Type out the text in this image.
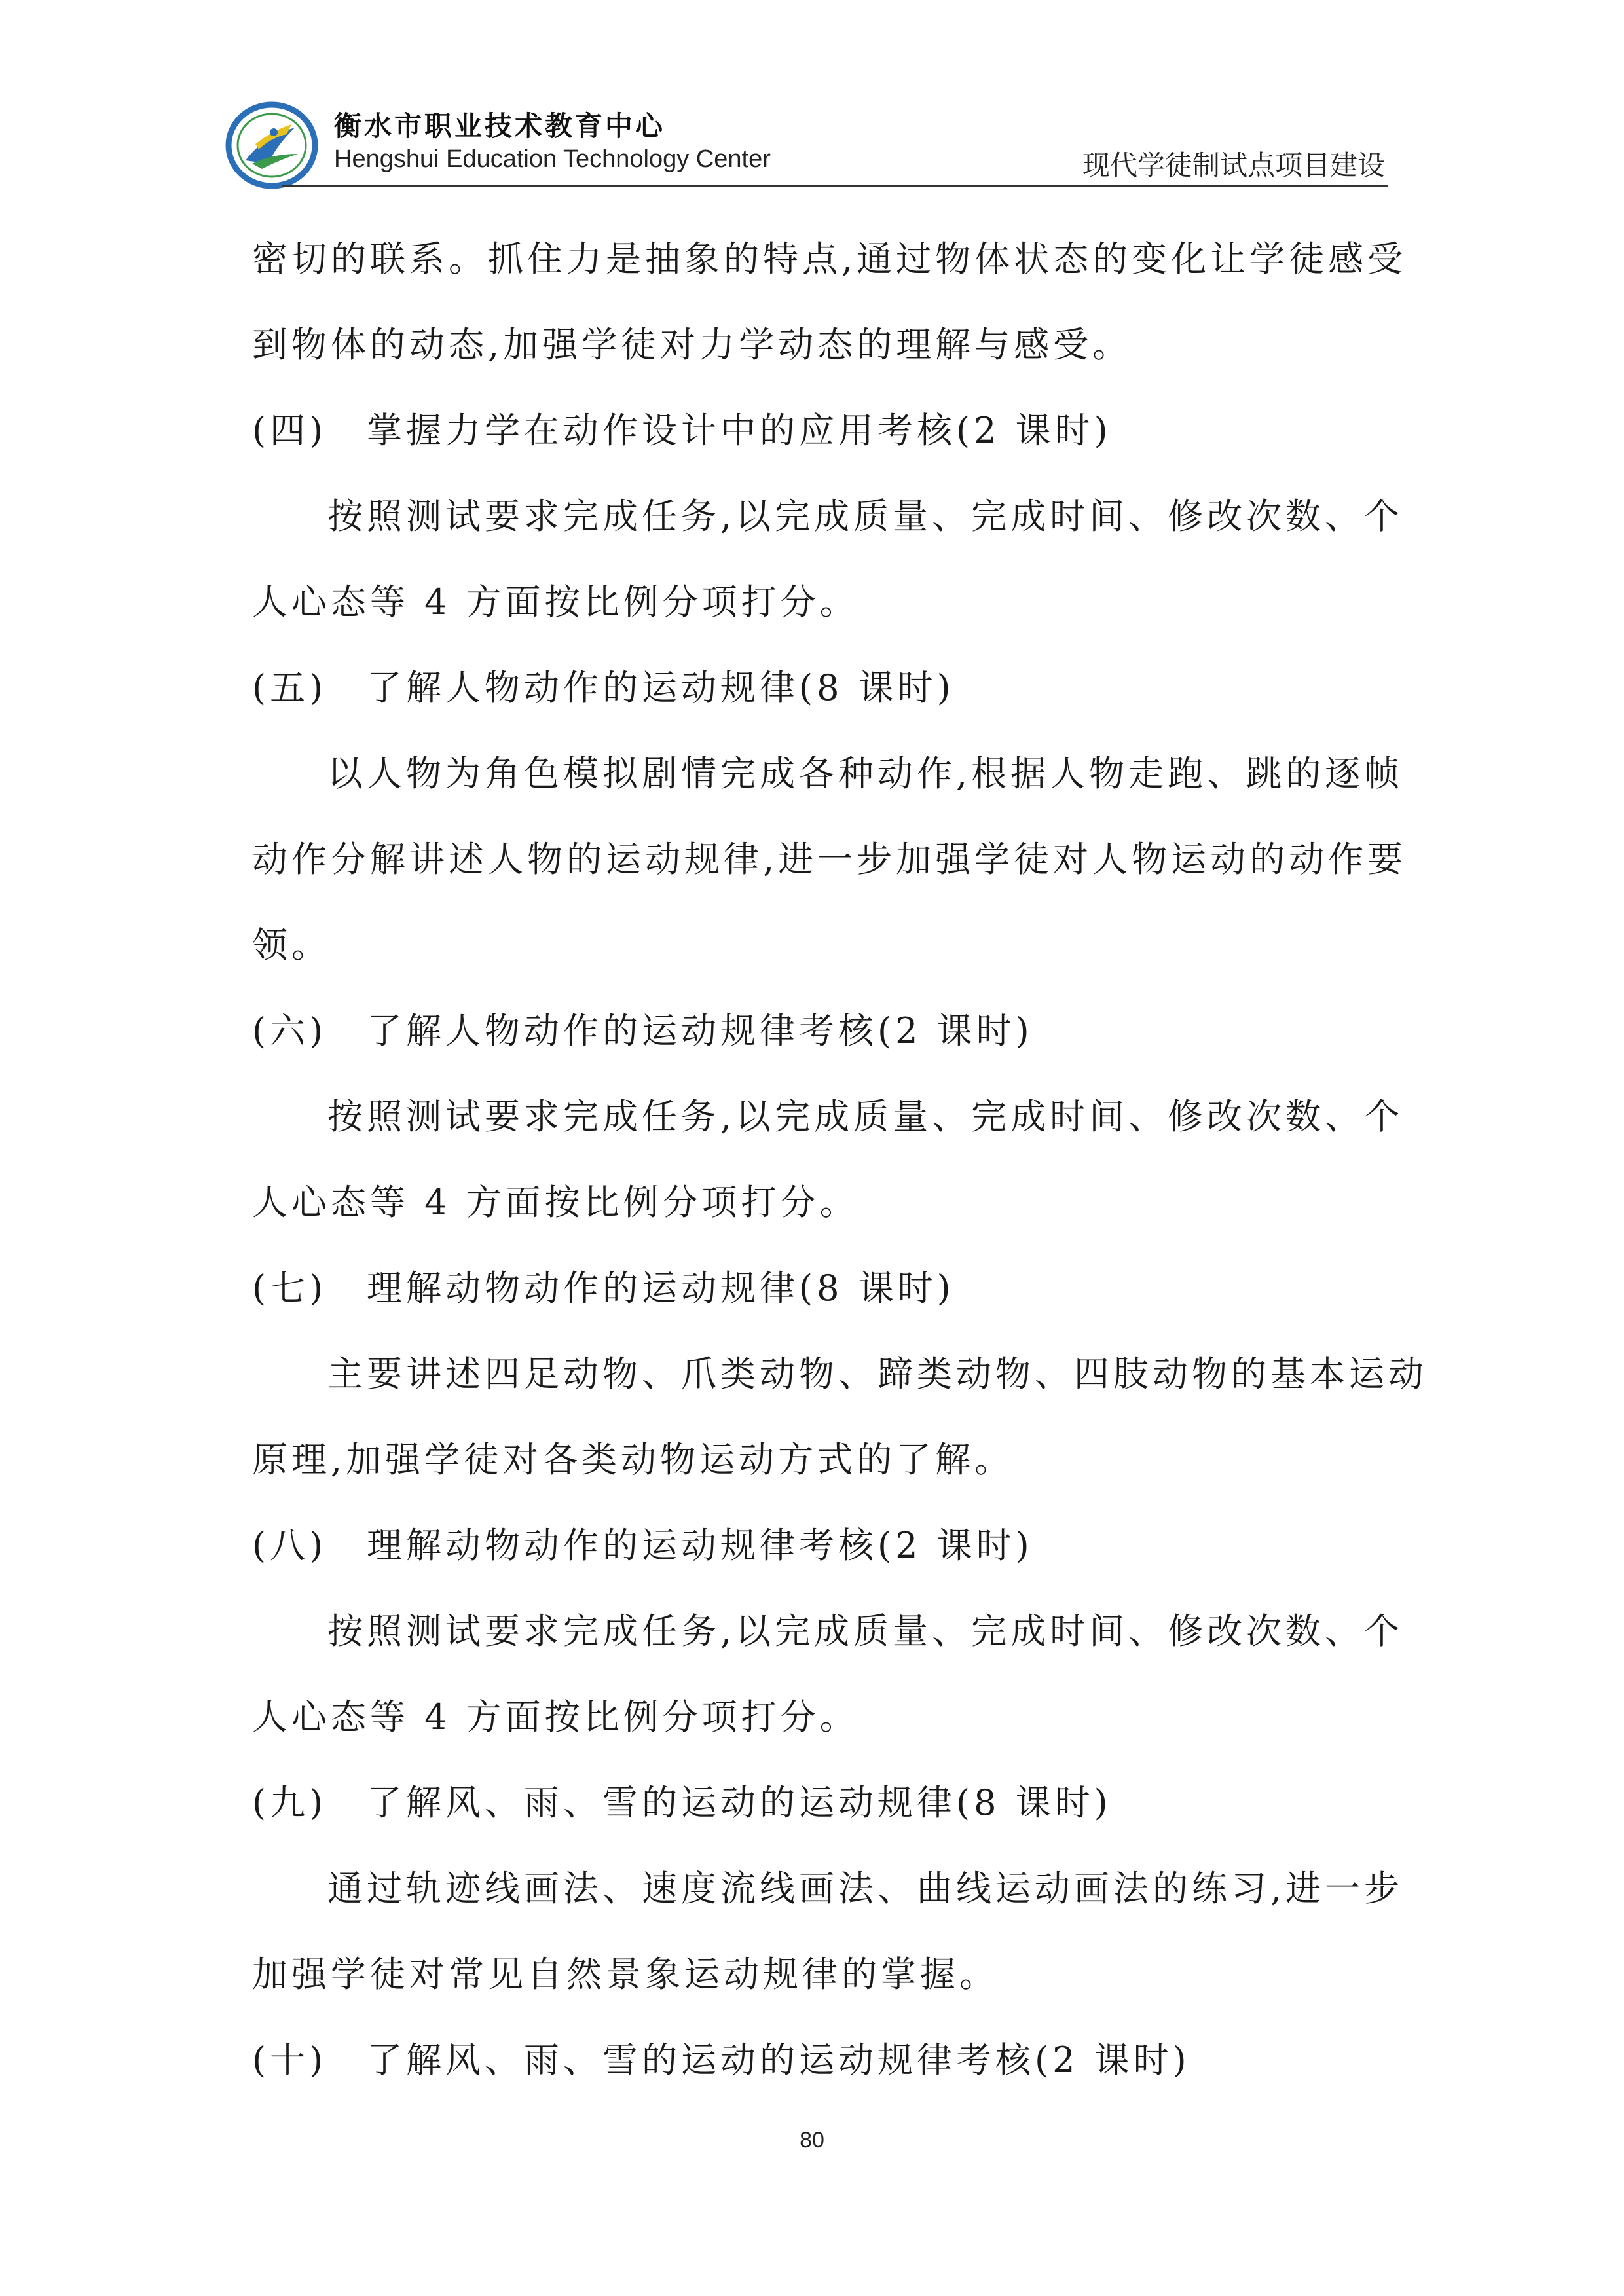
衡水市职业技术教育中心
Hengshui Education Technology Center	现代学徒制试点项目建设
密切的联系。抓住力是抽象的特点,通过物体状态的变化让学徒感受
到物体的动态,加强学徒对力学动态的理解与感受。
(四) 掌握力学在动作设计中的应用考核(2 课时)
按照测试要求完成任务,以完成质量、完成时间、修改次数、个
人心态等 4 方面按比例分项打分。
(五) 了解人物动作的运动规律(8 课时)
以人物为角色模拟剧情完成各种动作,根据人物走跑、跳的逐帧
动作分解讲述人物的运动规律,进一步加强学徒对人物运动的动作要
领。
(六) 了解人物动作的运动规律考核(2 课时)
按照测试要求完成任务,以完成质量、完成时间、修改次数、个
人心态等 4 方面按比例分项打分。
(七) 理解动物动作的运动规律(8 课时)
主要讲述四足动物、爪类动物、蹄类动物、四肢动物的基本运动
原理,加强学徒对各类动物运动方式的了解。
(八) 理解动物动作的运动规律考核(2 课时)
按照测试要求完成任务,以完成质量、完成时间、修改次数、个
人心态等 4 方面按比例分项打分。
(九) 了解风、雨、雪的运动的运动规律(8 课时)
通过轨迹线画法、速度流线画法、曲线运动画法的练习,进一步
加强学徒对常见自然景象运动规律的掌握。
(十) 了解风、雨、雪的运动的运动规律考核(2 课时)
80
